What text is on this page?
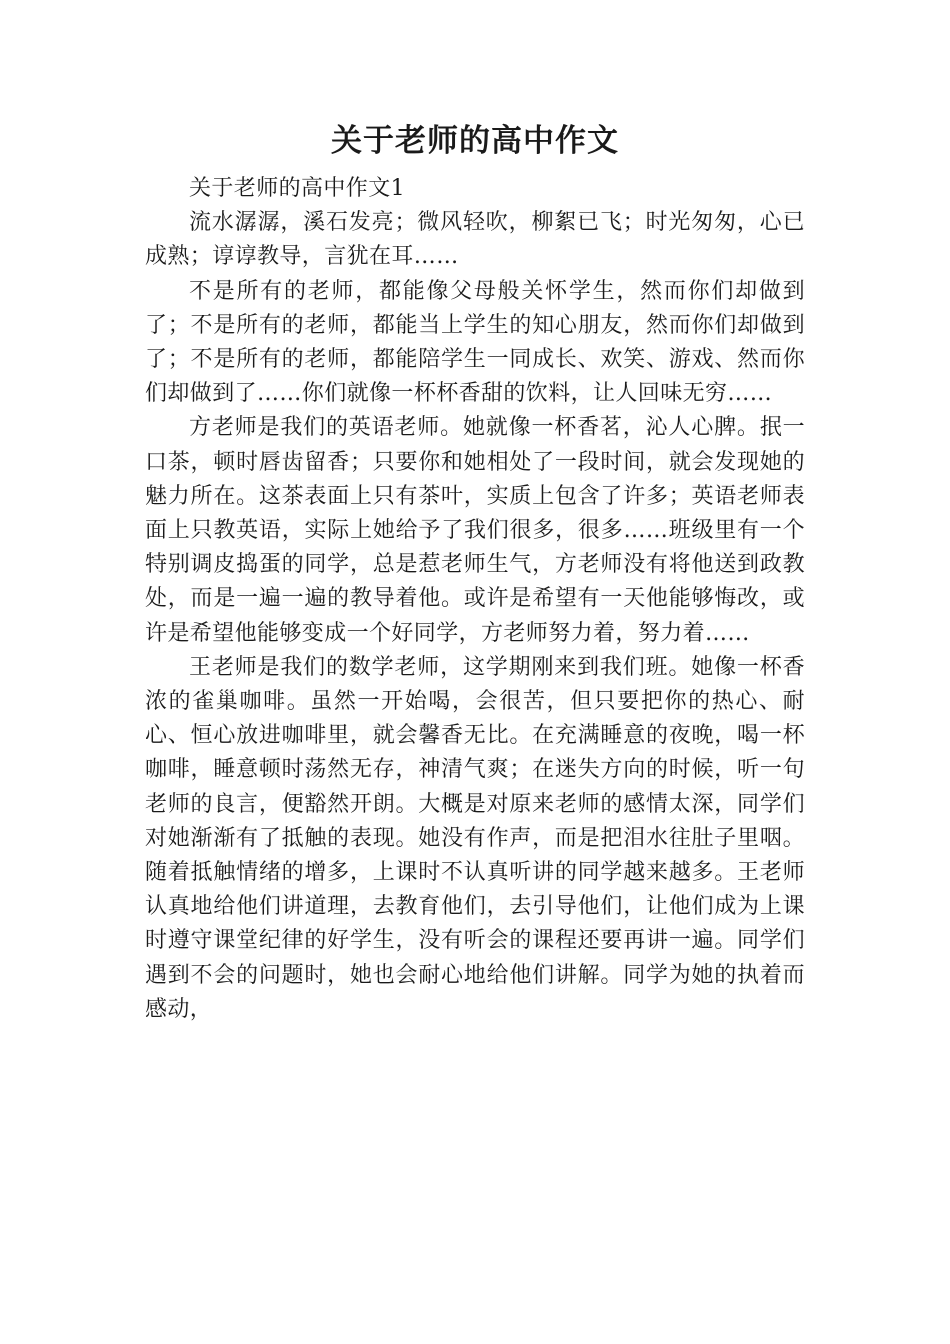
关于老师的高中作文

关于老师的高中作文1

流水潺潺，溪石发亮；微风轻吹，柳絮已飞；时光匆匆，心已成熟；谆谆教导，言犹在耳……

不是所有的老师，都能像父母般关怀学生，然而你们却做到了；不是所有的老师，都能当上学生的知心朋友，然而你们却做到了；不是所有的老师，都能陪学生一同成长、欢笑、游戏、然而你们却做到了……你们就像一杯杯香甜的饮料，让人回味无穷……

方老师是我们的英语老师。她就像一杯香茗，沁人心脾。抿一口茶，顿时唇齿留香；只要你和她相处了一段时间，就会发现她的魅力所在。这茶表面上只有茶叶，实质上包含了许多；英语老师表面上只教英语，实际上她给予了我们很多，很多……班级里有一个特别调皮捣蛋的同学，总是惹老师生气，方老师没有将他送到政教处，而是一遍一遍的教导着他。或许是希望有一天他能够悔改，或许是希望他能够变成一个好同学，方老师努力着，努力着……

王老师是我们的数学老师，这学期刚来到我们班。她像一杯香浓的雀巢咖啡。虽然一开始喝，会很苦，但只要把你的热心、耐心、恒心放进咖啡里，就会馨香无比。在充满睡意的夜晚，喝一杯咖啡，睡意顿时荡然无存，神清气爽；在迷失方向的时候，听一句老师的良言，便豁然开朗。大概是对原来老师的感情太深，同学们对她渐渐有了抵触的表现。她没有作声，而是把泪水往肚子里咽。随着抵触情绪的增多，上课时不认真听讲的同学越来越多。王老师认真地给他们讲道理，去教育他们，去引导他们，让他们成为上课时遵守课堂纪律的好学生，没有听会的课程还要再讲一遍。同学们遇到不会的问题时，她也会耐心地给他们讲解。同学为她的执着而感动，
